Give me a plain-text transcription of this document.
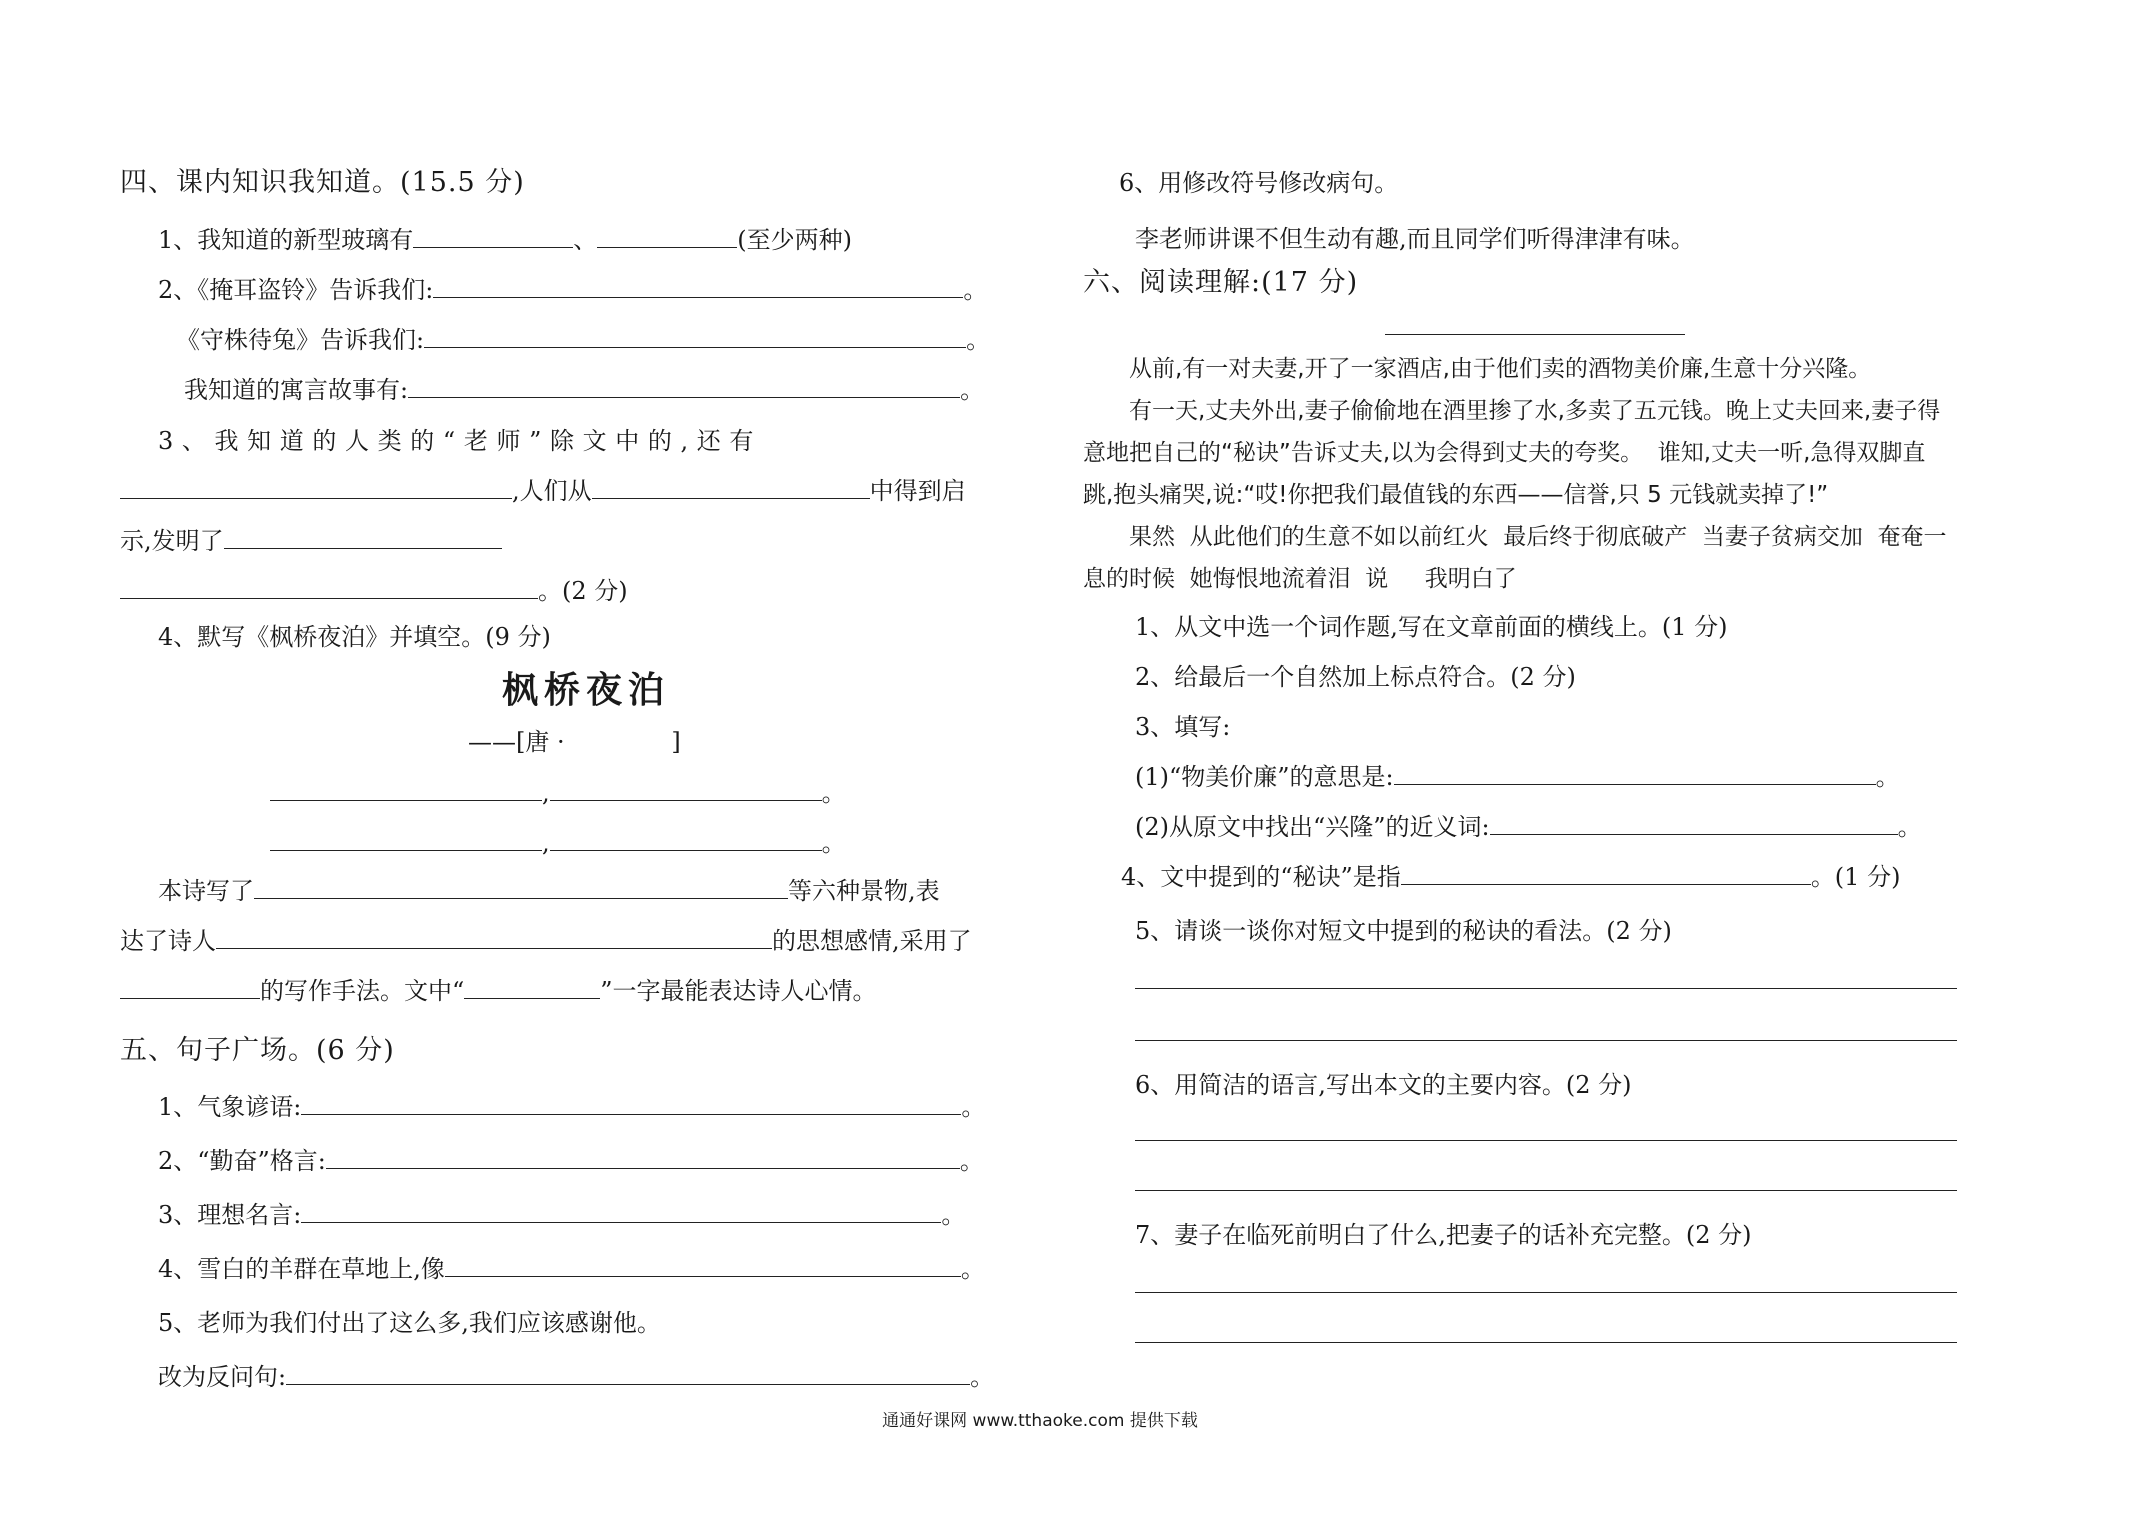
四、课内知识我知道。(15.5 分)
1、我知道的新型玻璃有	、	(至少两种)
2、《掩耳盗铃》告诉我们:	。
《守株待兔》告诉我们:	。
我知道的寓言故事有:	。
3 、 我 知 道 的 人 类 的 “ 老 师 ” 除 文 中 的 , 还 有
,人们从	中得到启
示,发明了
。(2 分)
4、默写《枫桥夜泊》并填空。(9 分)
枫桥夜泊
——[唐 ·              ]
,	。
,	。
本诗写了	等六种景物,表
达了诗人	的思想感情,采用了
的写作手法。文中“	”一字最能表达诗人心情。
五、句子广场。(6 分)
1、气象谚语:	。
2、“勤奋”格言:	。
3、理想名言:	。
4、雪白的羊群在草地上,像	。
5、老师为我们付出了这么多,我们应该感谢他。
改为反问句:	。
6、用修改符号修改病句。
李老师讲课不但生动有趣,而且同学们听得津津有味。
六、阅读理解:(17 分)
从前,有一对夫妻,开了一家酒店,由于他们卖的酒物美价廉,生意十分兴隆。
有一天,丈夫外出,妻子偷偷地在酒里掺了水,多卖了五元钱。晚上丈夫回来,妻子得
意地把自己的“秘诀”告诉丈夫,以为会得到丈夫的夸奖。  谁知,丈夫一听,急得双脚直
跳,抱头痛哭,说:“哎!你把我们最值钱的东西——信誉,只 5 元钱就卖掉了!”
果然  从此他们的生意不如以前红火  最后终于彻底破产  当妻子贫病交加  奄奄一
息的时候  她悔恨地流着泪  说     我明白了
1、从文中选一个词作题,写在文章前面的横线上。(1 分)
2、给最后一个自然加上标点符合。(2 分)
3、填写:
(1)“物美价廉”的意思是:	。
(2)从原文中找出“兴隆”的近义词:	。
4、文中提到的“秘诀”是指	。(1 分)
5、请谈一谈你对短文中提到的秘诀的看法。(2 分)
6、用简洁的语言,写出本文的主要内容。(2 分)
7、妻子在临死前明白了什么,把妻子的话补充完整。(2 分)
通通好课网 www.tthaoke.com 提供下载
